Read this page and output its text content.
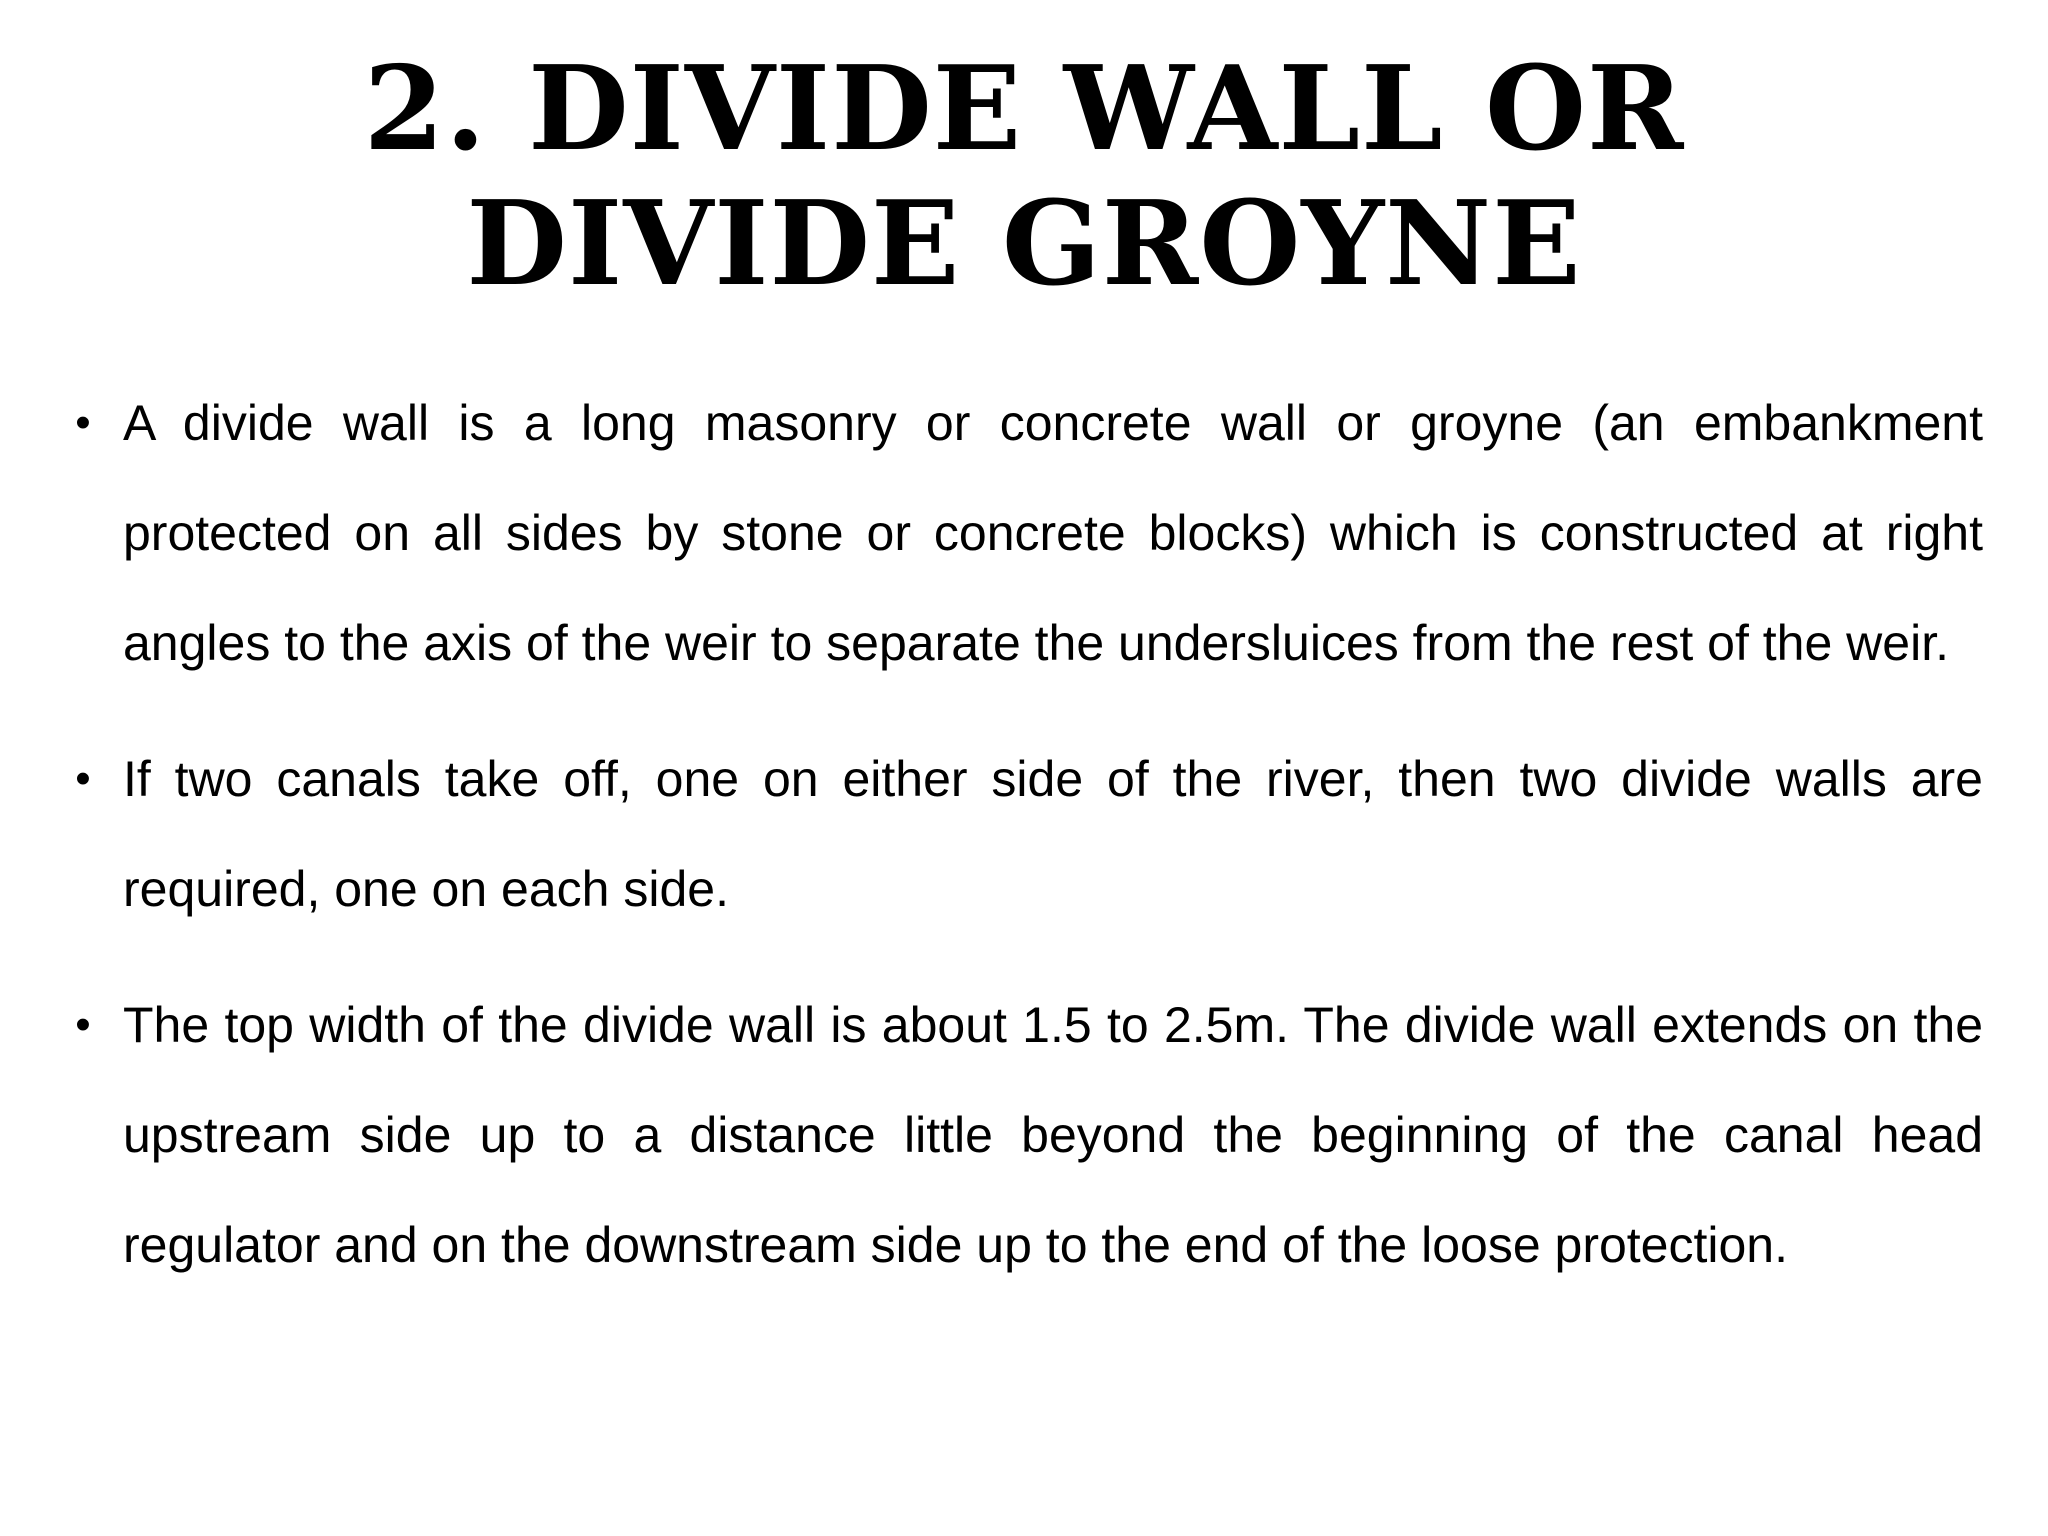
2. DIVIDE WALL OR
DIVIDE GROYNE
• A divide wall is a long masonry or concrete wall or groyne (an embankment protected on all sides by stone or concrete blocks) which is constructed at right angles to the axis of the weir to separate the undersluices from the rest of the weir.
• If two canals take off, one on either side of the river, then two divide walls are required, one on each side.
• The top width of the divide wall is about 1.5 to 2.5m. The divide wall extends on the upstream side up to a distance little beyond the beginning of the canal head regulator and on the downstream side up to the end of the loose protection.
